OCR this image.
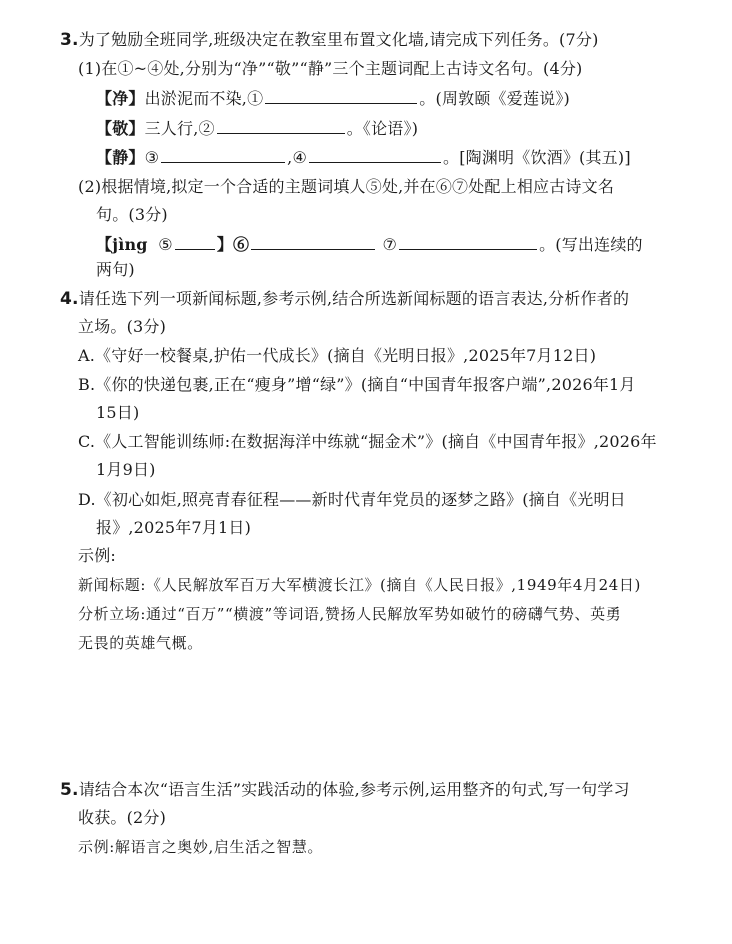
3.为了勉励全班同学,班级决定在教室里布置文化墙,请完成下列任务。(7分)
(1)在①~④处,分别为“净”“敬”“静”三个主题词配上古诗文名句。(4分)
【净】出淤泥而不染,①	。(周敦颐《爱莲说》)
【敬】三人行,②	。《论语》)
【静】③	,④	。[陶渊明《饮酒》(其五)]
(2)根据情境,拟定一个合适的主题词填人⑤处,并在⑥⑦处配上相应古诗文名
句。(3分)
【jìng ⑤	】⑥	⑦	。(写出连续的
两句)
4.请任选下列一项新闻标题,参考示例,结合所选新闻标题的语言表达,分析作者的
立场。(3分)
A.《守好一校餐桌,护佑一代成长》(摘自《光明日报》,2025年7月12日)
B.《你的快递包裹,正在“瘦身”增“绿”》(摘自“中国青年报客户端”,2026年1月
15日)
C.《人工智能训练师:在数据海洋中练就“掘金术”》(摘自《中国青年报》,2026年
1月9日)
D.《初心如炬,照亮青春征程——新时代青年党员的逐梦之路》(摘自《光明日
报》,2025年7月1日)
示例:
新闻标题:《人民解放军百万大军横渡长江》(摘自《人民日报》,1949年4月24日)
分析立场:通过“百万”“横渡”等词语,赞扬人民解放军势如破竹的磅礴气势、英勇
无畏的英雄气概。
5.请结合本次“语言生活”实践活动的体验,参考示例,运用整齐的句式,写一句学习
收获。(2分)
示例:解语言之奥妙,启生活之智慧。
